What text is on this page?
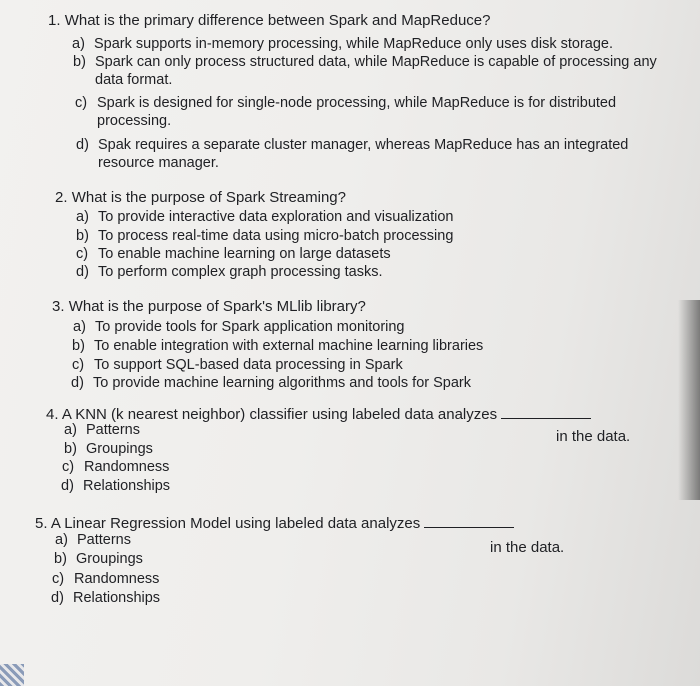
1. What is the primary difference between Spark and MapReduce?
a) Spark supports in-memory processing, while MapReduce only uses disk storage.
b) Spark can only process structured data, while MapReduce is capable of processing any
data format.
c) Spark is designed for single-node processing, while MapReduce is for distributed
processing.
d) Spak requires a separate cluster manager, whereas MapReduce has an integrated
resource manager.
2. What is the purpose of Spark Streaming?
a) To provide interactive data exploration and visualization
b) To process real-time data using micro-batch processing
c) To enable machine learning on large datasets
d) To perform complex graph processing tasks.
3. What is the purpose of Spark's MLlib library?
a) To provide tools for Spark application monitoring
b) To enable integration with external machine learning libraries
c) To support SQL-based data processing in Spark
d) To provide machine learning algorithms and tools for Spark
4. A KNN (k nearest neighbor) classifier using labeled data analyzes
in the data.
a) Patterns
b) Groupings
c) Randomness
d) Relationships
5. A Linear Regression Model using labeled data analyzes
in the data.
a) Patterns
b) Groupings
c) Randomness
d) Relationships
